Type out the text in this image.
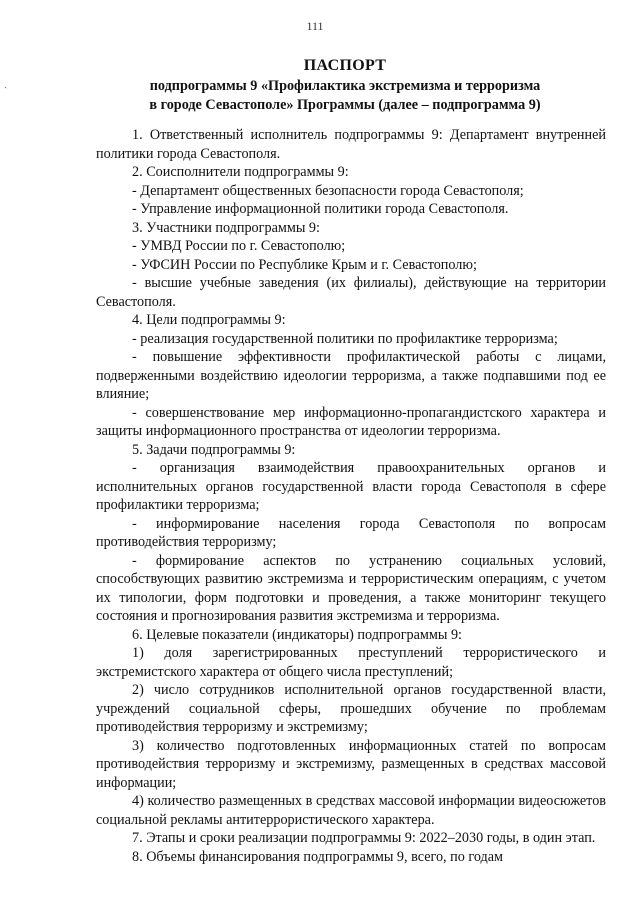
ˏ
111
ПАСПОРТ
подпрограммы 9 «Профилактика экстремизма и терроризма
в городе Севастополе» Программы (далее – подпрограмма 9)

1. Ответственный исполнитель подпрограммы 9: Департамент внутренней политики города Севастополя.

2. Соисполнители подпрограммы 9:

- Департамент общественных безопасности города Севастополя;

- Управление информационной политики города Севастополя.

3. Участники подпрограммы 9:

- УМВД России по г. Севастополю;

- УФСИН России по Республике Крым и г. Севастополю;

- высшие учебные заведения (их филиалы), действующие на территории Севастополя.

4. Цели подпрограммы 9:

- реализация государственной политики по профилактике терроризма;

- повышение эффективности профилактической работы с лицами, подверженными воздействию идеологии терроризма, а также подпавшими под ее влияние;

- совершенствование мер информационно-пропагандистского характера и защиты информационного пространства от идеологии терроризма.

5. Задачи подпрограммы 9:

- организация взаимодействия правоохранительных органов и исполнительных органов государственной власти города Севастополя в сфере профилактики терроризма;

- информирование населения города Севастополя по вопросам противодействия терроризму;

- формирование аспектов по устранению социальных условий, способствующих развитию экстремизма и террористическим операциям, с учетом их типологии, форм подготовки и проведения, а также мониторинг текущего состояния и прогнозирования развития экстремизма и терроризма.

6. Целевые показатели (индикаторы) подпрограммы 9:

1) доля зарегистрированных преступлений террористического и экстремистского характера от общего числа преступлений;

2) число сотрудников исполнительной органов государственной власти, учреждений социальной сферы, прошедших обучение по проблемам противодействия терроризму и экстремизму;

3) количество подготовленных информационных статей по вопросам противодействия терроризму и экстремизму, размещенных в средствах массовой информации;

4) количество размещенных в средствах массовой информации видеосюжетов социальной рекламы антитеррористического характера.

7. Этапы и сроки реализации подпрограммы 9: 2022–2030 годы, в один этап.

8. Объемы финансирования подпрограммы 9, всего, по годам
